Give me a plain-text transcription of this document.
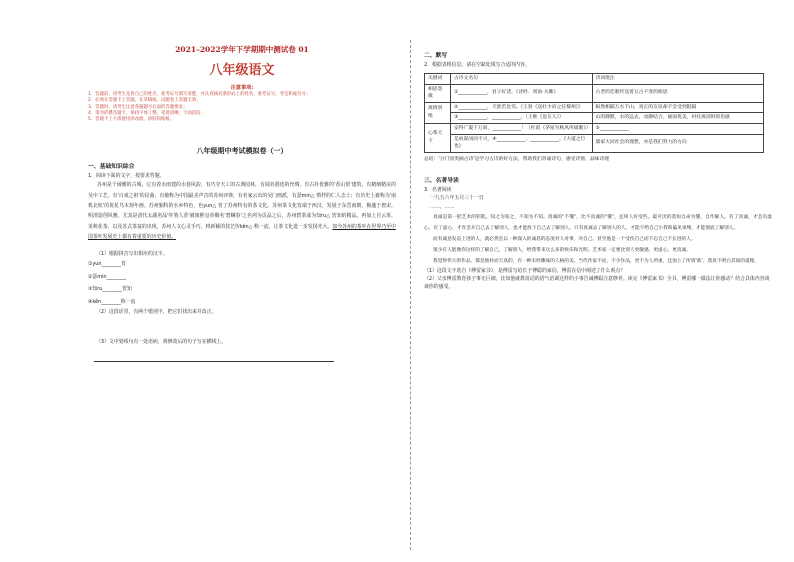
2021–2022学年下学期期中测试卷 01
八年级语文
注意事项:
1．答题前，请考生先将自己的姓名、准考证号填写清楚，并认真核对条形码上的姓名、准考证号、考室和座位号；
2．必须在答题卡上答题，在草稿纸、试题卷上答题无效；
3．答题时，请考生注意各题题号后面的答题要求；
4．请勿折叠答题卡，保持字体工整、笔迹清晰、卡面清洁；
5．答题卡上不准使用涂改液、涂胶和贴纸。
八年级期中考试模拟卷（一）
一、基础知识综合
1．阅读下面的文字，按要求答题。

苏州是个闹雅的古城，它有着水雨建的水巷风韵，有巧夺天工的古典园林，有闻名遐迩的丝绸，有古朴优雅的'香山帮'建筑，有精细精美的吴中工艺，有'百戏之祖'的昆曲，有被称为中国最美声音的苏州评弹，有名家云出的吴门画派，有瑟min△ 情杼的仁人志士；有历史上被称为'南机北杭'的优花鸟木刻年画。苏州独特的水乡特色，也yun△ 育了苏州特有的茶文化。苏州茶文化发端于西汉，发展于东晋南朝，极盛于唐宋，明清造创风雅。尤其是清代太湖名品'吓煞人香'被康熙皇帝赐名'碧螺春'之名列为贡品之后，苏州碧茶成为知ru△ 皆知的精品。再加上自云茶，茉莉花茶，以及苏式茶宴的出现，苏州人文心灵手巧，将新颖的技艺传kěn△ 称一流，让茶文化进一步发扬光大。如今苏州的茶叶在世界乃至中国茶叶发展史上都有着重要的历史价值。

（1）根据拼音写出相应的汉字。
①yun________育
②瑟min________
③知ru________皆知
④kěn________称一流
（2）这段话里，有两个错别字，把它们找出来并改正。
（3）文中划线句有一处语病，将修改后的句子写在横线上。
二、默写
2．根据表格信息，请在空缺处填写合适的内容。
关键词	古诗文名句	诗词批注
相思怨歌	①____________，君子好逑。《诗经．周南·关雎》	古老的恋歌传送着亘古不变的相思
离情别绪	②____________，天涯若比邻。《王勃《送杜少府之任蜀州》》	纵然相隔万水千山，真正的友谊却不会受到阻隔
	③____________，____________。（王维《送友人》）	山的静默，水的远去，动静结合，画面优美，衬托离别时的伤感
心系天下	安得广厦千万间，____________！（杜甫《茅屋为秋风所破歌》）	⑤____________
	是故谋闭而不兴，④____________，____________。《大道之行也》	儒家大同社会的理想，亦是我们努力的方向
总结：'分门别类摘古诗'是学习古诗的好方法，帮助我们背诵诗句，感受诗情，品味诗理
三、名著导读
3．名著阅读
一九五六年五月三十一日
……，……

真诚是第一把艺术的钥匙。知之为知之，不知为不知。真诚的"不懂"，比不真诚的"懂"，还叫人好受些。最可厌的莫如自命为懂，自作解人。有了真诚，才会有虚心，有了虚心，才肯丢开自己去了解别人，也才能放下自己去了解别人。只有真诚去了解别人的人，才能不给自己小我和偏见束缚，才能彻底了解别人。

而有诚意发奋上进的人，就必然会以一种深入的诚恳的态度对人对事，对自己。甚至他是一个受伤自己而不忍自己不长进的人。

很少有人能像你这样的了解自己，了解别人，给我带来这么多的快乐和光明。艺术家一定要比别人更敏感，更虚心，更真诚。

我觉得伟大的作品，都是拙朴而天真的，有一种未经雕琢的人格的美。当代作家不论，不少作品，更不为人所重，还加上了所谓'新'，我真不明白其间的道理。

（1）这段文字选自《傅雷家书》，是傅雷写给长子傅聪的家信，傅雷在信中阐述了什么观点？
（2）父亲傅雷教育孩子事无巨细，比如他就教说话的语气语调这样的小事告诫傅聪注意修养。读完《傅雷家书》全书，傅雷哪一做法让你感动？结合具体内容谈谈你的感受。
